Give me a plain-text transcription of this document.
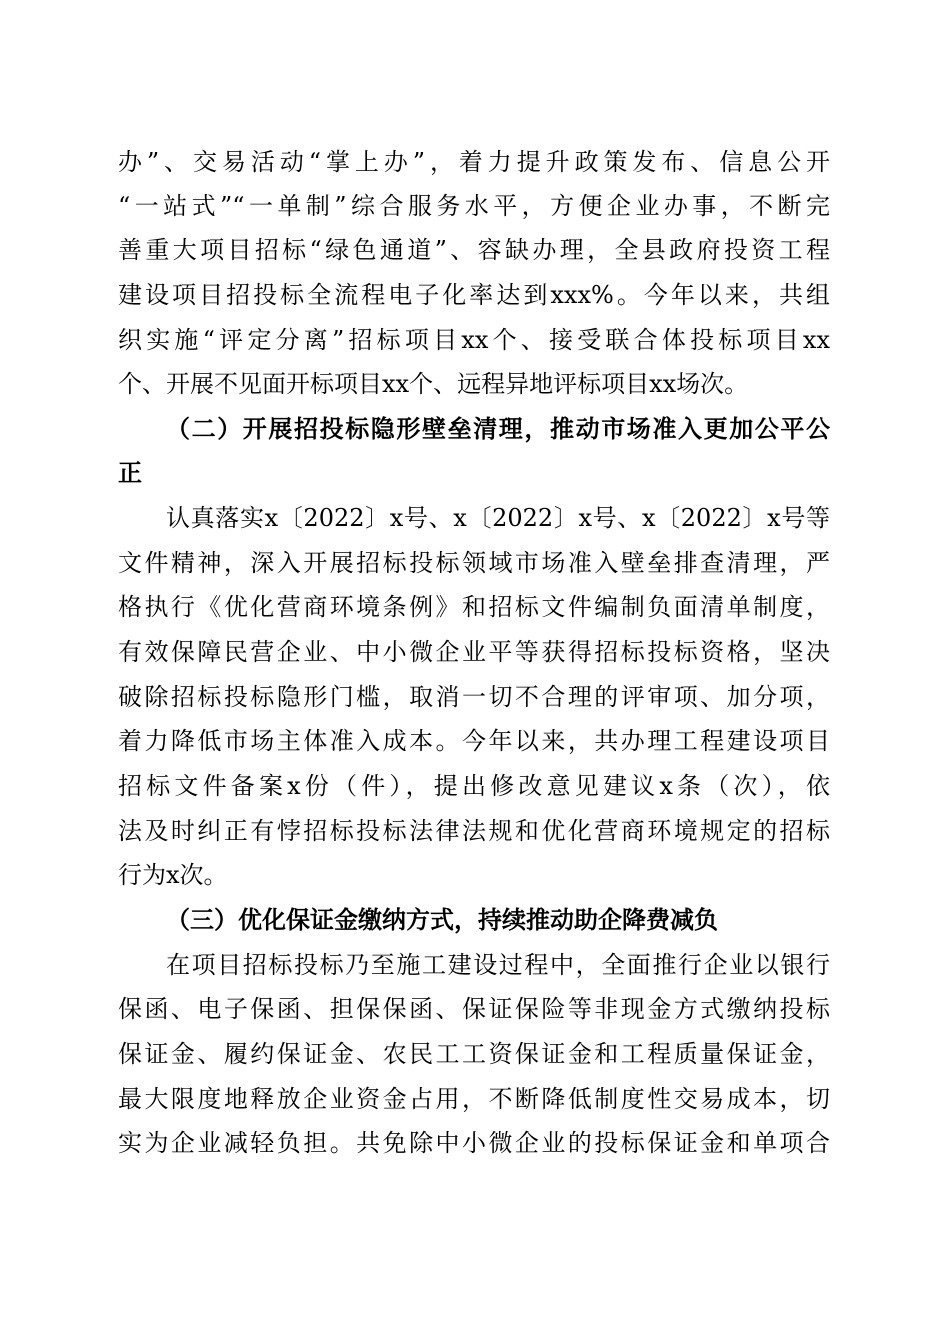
办”、交易活动“掌上办”，着力提升政策发布、信息公开
“一站式”“一单制”综合服务水平，方便企业办事，不断完
善重大项目招标“绿色通道”、容缺办理，全县政府投资工程
建设项目招投标全流程电子化率达到xxx%。今年以来，共组
织实施“评定分离”招标项目xx个、接受联合体投标项目xx
个、开展不见面开标项目xx个、远程异地评标项目xx场次。
（二）开展招投标隐形壁垒清理，推动市场准入更加公平公
正
认真落实x〔2022〕x号、x〔2022〕x号、x〔2022〕x号等
文件精神，深入开展招标投标领域市场准入壁垒排查清理，严
格执行《优化营商环境条例》和招标文件编制负面清单制度，
有效保障民营企业、中小微企业平等获得招标投标资格，坚决
破除招标投标隐形门槛，取消一切不合理的评审项、加分项，
着力降低市场主体准入成本。今年以来，共办理工程建设项目
招标文件备案x份（件），提出修改意见建议x条（次），依
法及时纠正有悖招标投标法律法规和优化营商环境规定的招标
行为x次。
（三）优化保证金缴纳方式，持续推动助企降费减负
在项目招标投标乃至施工建设过程中，全面推行企业以银行
保函、电子保函、担保保函、保证保险等非现金方式缴纳投标
保证金、履约保证金、农民工工资保证金和工程质量保证金，
最大限度地释放企业资金占用，不断降低制度性交易成本，切
实为企业减轻负担。共免除中小微企业的投标保证金和单项合
